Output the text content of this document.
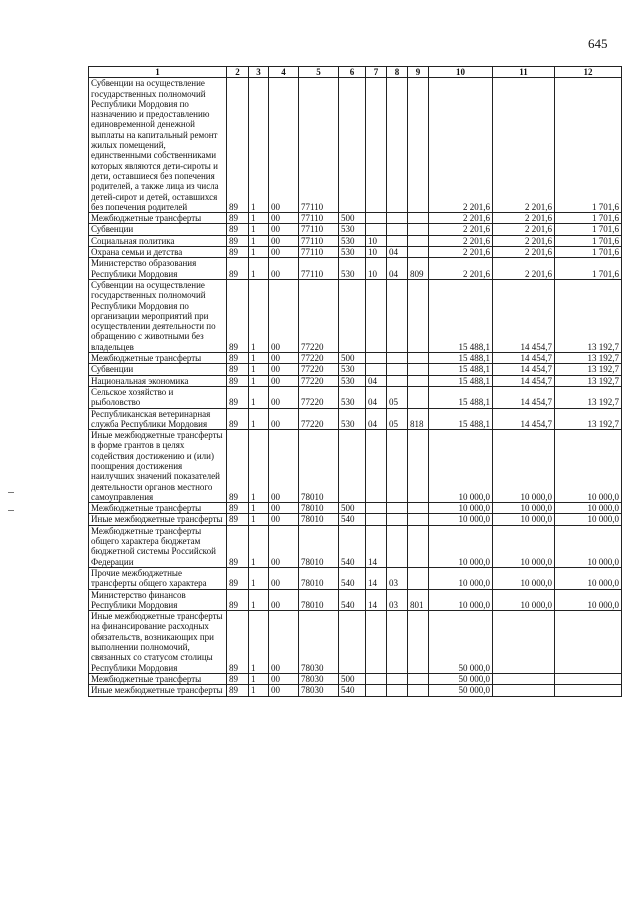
645
1	2	3	4	5	6	7	8	9	10	11	12
Субвенции на осуществление государственных полномочий Республики Мордовия по назначению и предоставлению единовременной денежной выплаты на капитальный ремонт жилых помещений, единственными собственниками которых являются дети-сироты и дети, оставшиеся без попечения родителей, а также лица из числа детей-сирот и детей, оставшихся без попечения родителей	89	1	00	77110					2 201,6	2 201,6	1 701,6
Межбюджетные трансферты	89	1	00	77110	500				2 201,6	2 201,6	1 701,6
Субвенции	89	1	00	77110	530				2 201,6	2 201,6	1 701,6
Социальная политика	89	1	00	77110	530	10			2 201,6	2 201,6	1 701,6
Охрана семьи и детства	89	1	00	77110	530	10	04		2 201,6	2 201,6	1 701,6
Министерство образования Республики Мордовия	89	1	00	77110	530	10	04	809	2 201,6	2 201,6	1 701,6
Субвенции на осуществление государственных полномочий Республики Мордовия по организации мероприятий при осуществлении деятельности по обращению с животными без владельцев	89	1	00	77220					15 488,1	14 454,7	13 192,7
Межбюджетные трансферты	89	1	00	77220	500				15 488,1	14 454,7	13 192,7
Субвенции	89	1	00	77220	530				15 488,1	14 454,7	13 192,7
Национальная экономика	89	1	00	77220	530	04			15 488,1	14 454,7	13 192,7
Сельское хозяйство и рыболовство	89	1	00	77220	530	04	05		15 488,1	14 454,7	13 192,7
Республиканская ветеринарная служба Республики Мордовия	89	1	00	77220	530	04	05	818	15 488,1	14 454,7	13 192,7
Иные межбюджетные трансферты в форме грантов в целях содействия достижению и (или) поощрения достижения наилучших значений показателей деятельности органов местного самоуправления	89	1	00	78010					10 000,0	10 000,0	10 000,0
Межбюджетные трансферты	89	1	00	78010	500				10 000,0	10 000,0	10 000,0
Иные межбюджетные трансферты	89	1	00	78010	540				10 000,0	10 000,0	10 000,0
Межбюджетные трансферты общего характера бюджетам бюджетной системы Российской Федерации	89	1	00	78010	540	14			10 000,0	10 000,0	10 000,0
Прочие межбюджетные трансферты общего характера	89	1	00	78010	540	14	03		10 000,0	10 000,0	10 000,0
Министерство финансов Республики Мордовия	89	1	00	78010	540	14	03	801	10 000,0	10 000,0	10 000,0
Иные межбюджетные трансферты на финансирование расходных обязательств, возникающих при выполнении полномочий, связанных со статусом столицы Республики Мордовия	89	1	00	78030					50 000,0		
Межбюджетные трансферты	89	1	00	78030	500				50 000,0		
Иные межбюджетные трансферты	89	1	00	78030	540				50 000,0		
